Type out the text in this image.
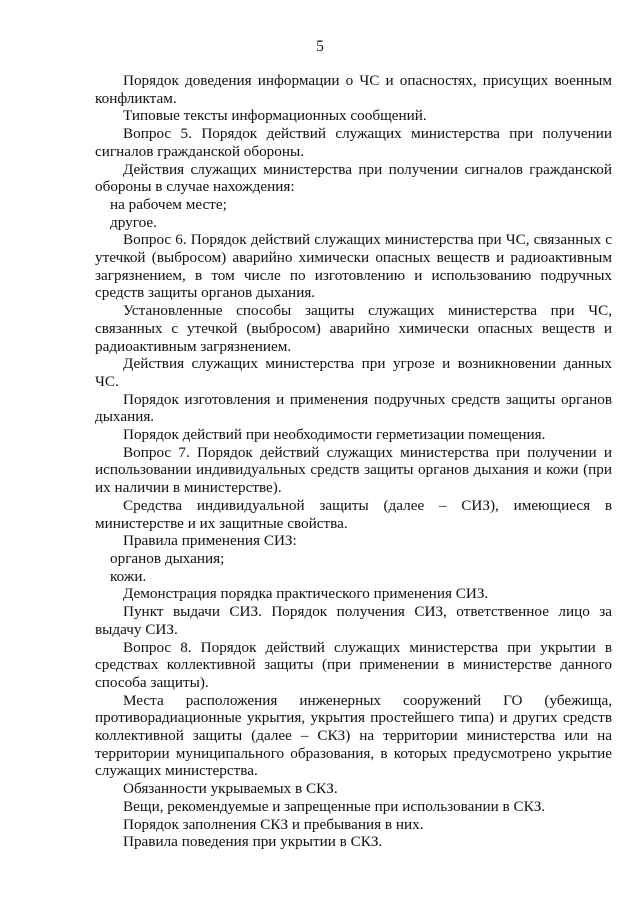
5

Порядок доведения информации о ЧС и опасностях, присущих военным конфликтам.

Типовые тексты информационных сообщений.

Вопрос 5. Порядок действий служащих министерства при получении сигналов гражданской обороны.

Действия служащих министерства при получении сигналов гражданской обороны в случае нахождения:

на рабочем месте;

другое.

Вопрос 6. Порядок действий служащих министерства при ЧС, связанных с утечкой (выбросом) аварийно химически опасных веществ и радиоактивным загрязнением, в том числе по изготовлению и использованию подручных средств защиты органов дыхания.

Установленные способы защиты служащих министерства при ЧС, связанных с утечкой (выбросом) аварийно химически опасных веществ и радиоактивным загрязнением.

Действия служащих министерства при угрозе и возникновении данных ЧС.

Порядок изготовления и применения подручных средств защиты органов дыхания.

Порядок действий при необходимости герметизации помещения.

Вопрос 7. Порядок действий служащих министерства при получении и использовании индивидуальных средств защиты органов дыхания и кожи (при их наличии в министерстве).

Средства индивидуальной защиты (далее – СИЗ), имеющиеся в министерстве и их защитные свойства.

Правила применения СИЗ:

органов дыхания;

кожи.

Демонстрация порядка практического применения СИЗ.

Пункт выдачи СИЗ. Порядок получения СИЗ, ответственное лицо за выдачу СИЗ.

Вопрос 8. Порядок действий служащих министерства при укрытии в средствах коллективной защиты (при применении в министерстве данного способа защиты).

Места расположения инженерных сооружений ГО (убежища, противорадиационные укрытия, укрытия простейшего типа) и других средств коллективной защиты (далее – СКЗ) на территории министерства или на территории муниципального образования, в которых предусмотрено укрытие служащих министерства.

Обязанности укрываемых в СКЗ.

Вещи, рекомендуемые и запрещенные при использовании в СКЗ.

Порядок заполнения СКЗ и пребывания в них.

Правила поведения при укрытии в СКЗ.
